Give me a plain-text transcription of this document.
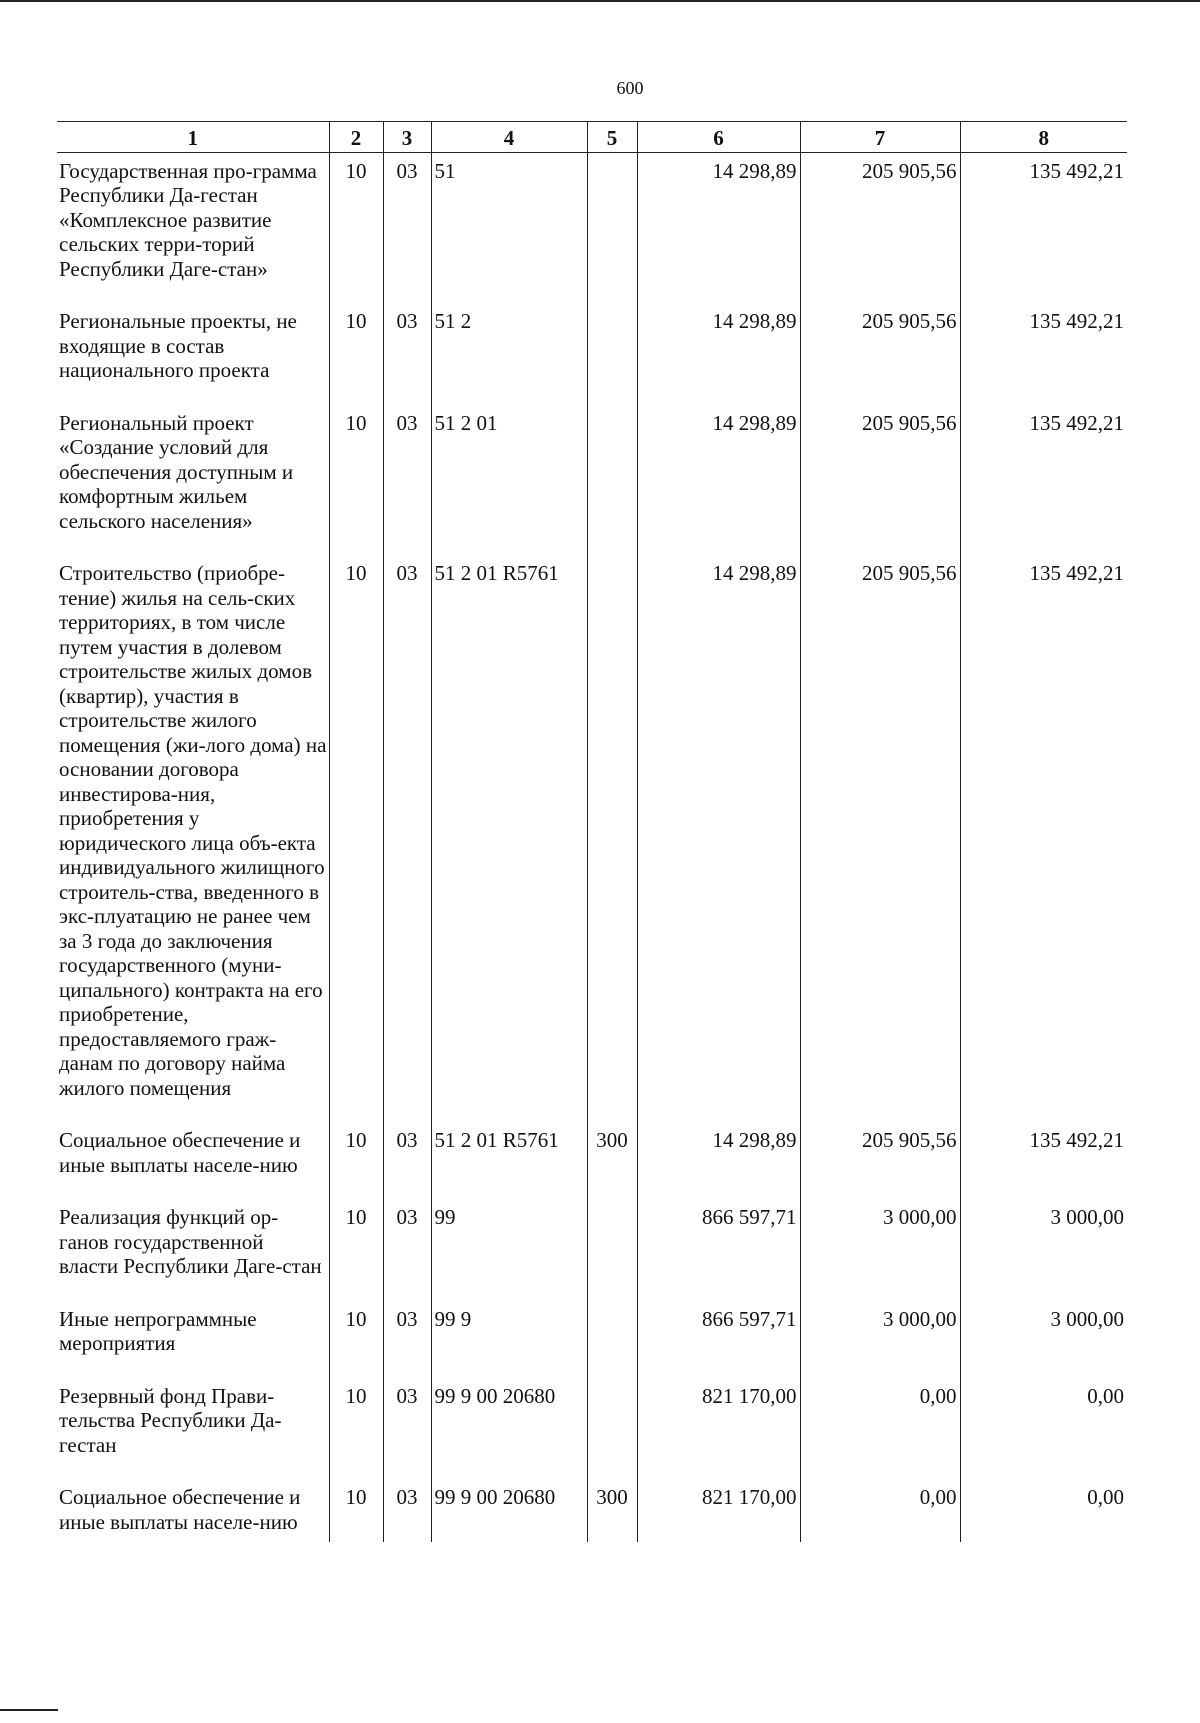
600
1	2	3	4	5	6	7	8
Государственная про-грамма Республики Да-гестан «Комплексное развитие сельских терри-торий Республики Даге-стан»	10	03	51		14 298,89	205 905,56	135 492,21
Региональные проекты, не входящие в состав национального проекта	10	03	51 2		14 298,89	205 905,56	135 492,21
Региональный проект «Создание условий для обеспечения доступным и комфортным жильем сельского населения»	10	03	51 2 01		14 298,89	205 905,56	135 492,21
Строительство (приобре-тение) жилья на сель-ских территориях, в том числе путем участия в долевом строительстве жилых домов (квартир), участия в строительстве жилого помещения (жи-лого дома) на основании договора инвестирова-ния, приобретения у юридического лица объ-екта индивидуального жилищного строитель-ства, введенного в экс-плуатацию не ранее чем за 3 года до заключения государственного (муни-ципального) контракта на его приобретение, предоставляемого граж-данам по договору найма жилого помещения	10	03	51 2 01 R5761		14 298,89	205 905,56	135 492,21
Социальное обеспечение и иные выплаты населе-нию	10	03	51 2 01 R5761	300	14 298,89	205 905,56	135 492,21
Реализация функций ор-ганов государственной власти Республики Даге-стан	10	03	99		866 597,71	3 000,00	3 000,00
Иные непрограммные мероприятия	10	03	99 9		866 597,71	3 000,00	3 000,00
Резервный фонд Прави-тельства Республики Да-гестан	10	03	99 9 00 20680		821 170,00	0,00	0,00
Социальное обеспечение и иные выплаты населе-нию	10	03	99 9 00 20680	300	821 170,00	0,00	0,00
